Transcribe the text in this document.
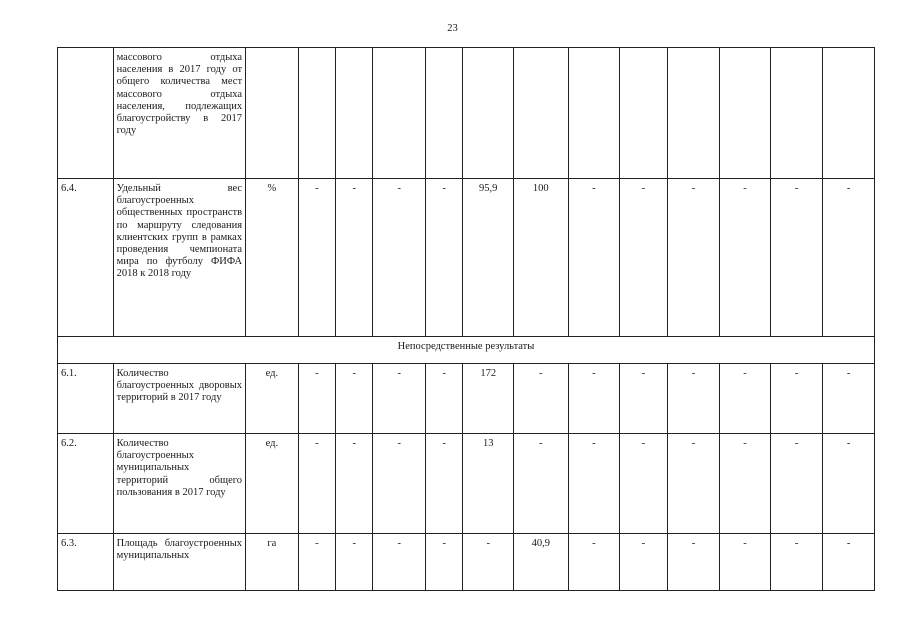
23
	массового отдыха населения в 2017 году от общего количества мест массового отдыха населения, подлежащих благоустройству в 2017 году													
6.4.	Удельный вес благоустроенных общественных пространств по маршруту следования клиентских групп в рамках проведения чемпионата мира по футболу ФИФА 2018 к 2018 году	%	-	-	-	-	95,9	100	-	-	-	-	-	-
Непосредственные результаты														
6.1.	Количество благоустроенных дворовых территорий в 2017 году	ед.	-	-	-	-	172	-	-	-	-	-	-	-
6.2.	Количество благоустроенных муниципальных территорий общего пользования в 2017 году	ед.	-	-	-	-	13	-	-	-	-	-	-	-
6.3.	Площадь благоустроенных муниципальных	га	-	-	-	-	-	40,9	-	-	-	-	-	-
